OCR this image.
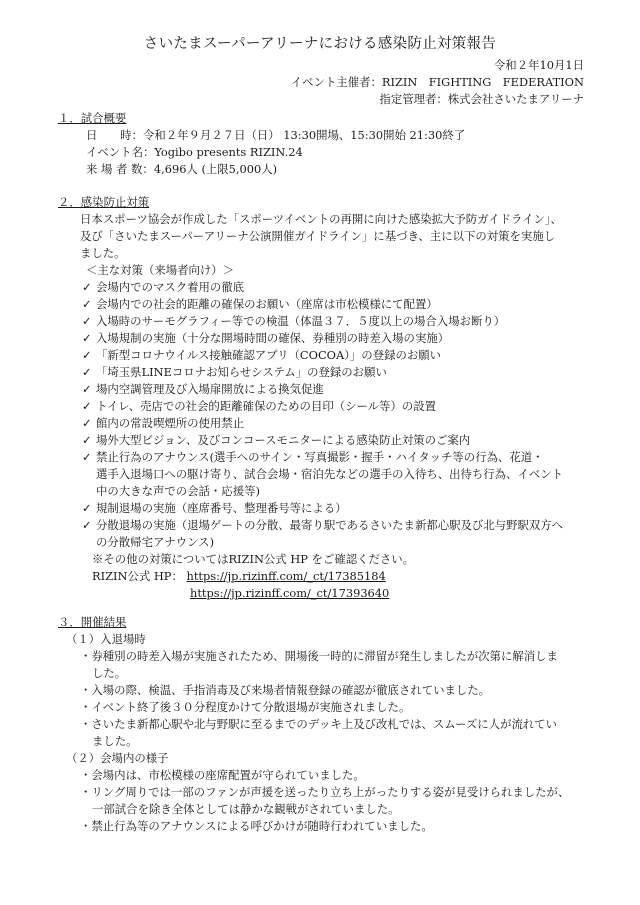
さいたまスーパーアリーナにおける感染防止対策報告
令和２年10月1日
イベント主催者：RIZIN　FIGHTING　FEDERATION
指定管理者：株式会社さいたまアリーナ
１．試合概要
日　　時：令和２年９月２７日（日） 13:30開場、15:30開始 21:30終了
イベント名：Yogibo presents RIZIN.24
来 場 者 数：4,696人 (上限5,000人)
２．感染防止対策
日本スポーツ協会が作成した「スポーツイベントの再開に向けた感染拡大予防ガイドライン」、
及び「さいたまスーパーアリーナ公演開催ガイドライン」に基づき、主に以下の対策を実施し
ました。
＜主な対策（来場者向け）＞
✓ 会場内でのマスク着用の徹底
✓ 会場内での社会的距離の確保のお願い（座席は市松模様にて配置）
✓ 入場時のサーモグラフィー等での検温（体温３７．５度以上の場合入場お断り）
✓ 入場規制の実施（十分な開場時間の確保、券種別の時差入場の実施）
✓ 「新型コロナウイルス接触確認アプリ（COCOA）」の登録のお願い
✓ 「埼玉県LINEコロナお知らせシステム」の登録のお願い
✓ 場内空調管理及び入場扉開放による換気促進
✓ トイレ、売店での社会的距離確保のための目印（シール等）の設置
✓ 館内の常設喫煙所の使用禁止
✓ 場外大型ビジョン、及びコンコースモニターによる感染防止対策のご案内
✓ 禁止行為のアナウンス(選手へのサイン・写真撮影・握手・ハイタッチ等の行為、花道・
選手入退場口への駆け寄り、試合会場・宿泊先などの選手の入待ち、出待ち行為、イベント
中の大きな声での会話・応援等)
✓ 規制退場の実施（座席番号、整理番号等による）
✓ 分散退場の実施（退場ゲートの分散、最寄り駅であるさいたま新都心駅及び北与野駅双方へ
の分散帰宅アナウンス)
※その他の対策についてはRIZIN公式 HP をご確認ください。
RIZIN公式 HP： https://jp.rizinff.com/_ct/17385184
https://jp.rizinff.com/_ct/17393640
３．開催結果
（１）入退場時
・券種別の時差入場が実施されたため、開場後一時的に滞留が発生しましたが次第に解消しま
した。
・入場の際、検温、手指消毒及び来場者情報登録の確認が徹底されていました。
・イベント終了後３０分程度かけて分散退場が実施されました。
・さいたま新都心駅や北与野駅に至るまでのデッキ上及び改札では、スムーズに人が流れてい
ました。
（２）会場内の様子
・会場内は、市松模様の座席配置が守られていました。
・リング周りでは一部のファンが声援を送ったり立ち上がったりする姿が見受けられましたが、
一部試合を除き全体としては静かな観戦がされていました。
・禁止行為等のアナウンスによる呼びかけが随時行われていました。
